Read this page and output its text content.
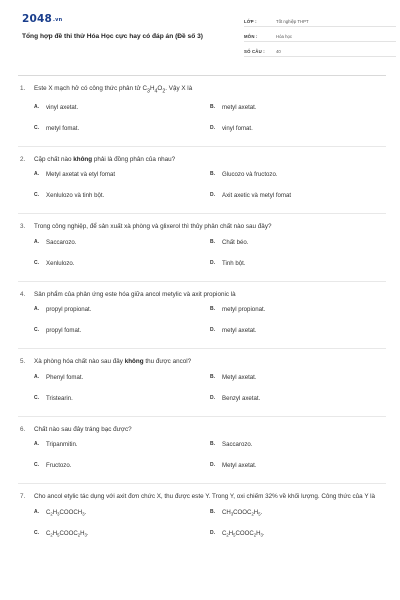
2048.vn
Tổng hợp đề thi thử Hóa Học cực hay có đáp án (Đề số 3)
LỚP :	Tốt nghiệp THPT
MÔN :	Hóa học
SỐ CÂU :	40
1. Este X mạch hở có công thức phân tử $C_3H_4O_2$. Vậy X là
A. vinyl axetat.	B. metyl axetat.
C. metyl fomat.	D. vinyl fomat.
2. Cặp chất nào không phải là đồng phân của nhau?
A. Metyl axetat và etyl fomat	B. Glucozo và fructozo.
C. Xenlulozo và tinh bột.	D. Axit axetic và metyl fomat
3. Trong công nghiệp, để sản xuất xà phòng và glixerol thì thủy phân chất nào sau đây?
A. Saccarozo.	B. Chất béo.
C. Xenlulozo.	D. Tinh bột.
4. Sản phẩm của phản ứng este hóa giữa ancol metylic và axit propionic là
A. propyl propionat.	B. metyl propionat.
C. propyl fomat.	D. metyl axetat.
5. Xà phòng hóa chất nào sau đây không thu được ancol?
A. Phenyl fomat.	B. Metyl axetat.
C. Tristearin.	D. Benzyl axetat.
6. Chất nào sau đây tráng bạc được?
A. Tripanmitin.	B. Saccarozo.
C. Fructozo.	D. Metyl axetat.
7. Cho ancol etylic tác dụng với axit đơn chức X, thu được este Y. Trong Y, oxi chiếm 32% về khối lượng. Công thức của Y là
A. $C_2H_3COOCH_3$.	B. $CH_3COOC_2H_5$.
C. $C_2H_5COOC_2H_3$.	D. $C_2H_5COOC_2H_3$.
